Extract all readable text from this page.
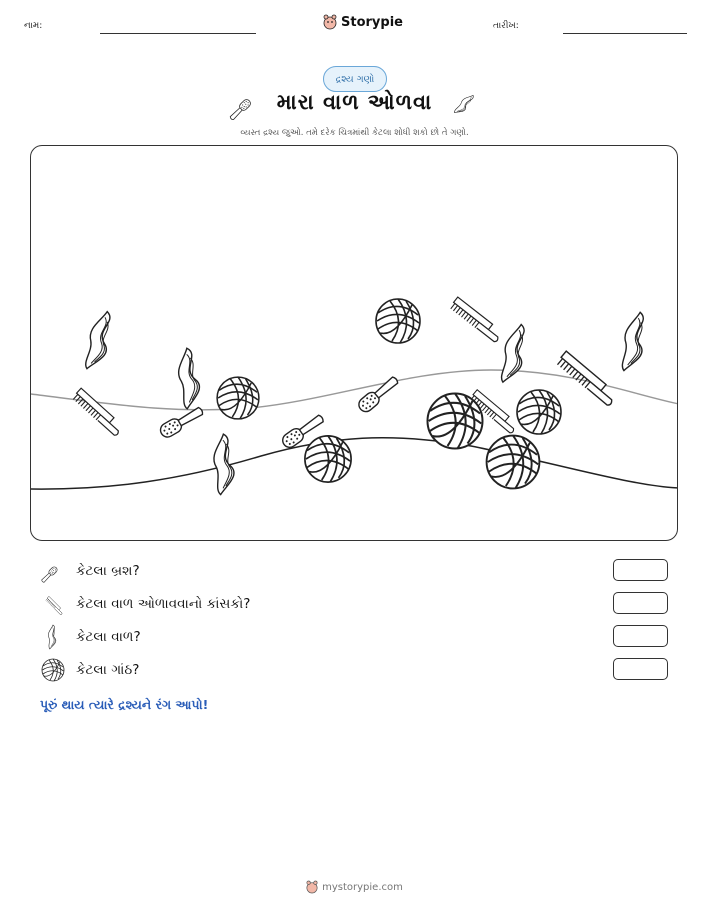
નામ:	Storypie	તારીખ:
દ્રશ્ય ગણો
મારા વાળ ઓળવા
વ્યસ્ત દ્રશ્ય જુઓ. તમે દરેક ચિત્રમાંથી કેટલા શોધી શકો છો તે ગણો.
કેટલા બ્રશ?
કેટલા વાળ ઓળાવવાનો કાંસકો?
કેટલા વાળ?
કેટલા ગાંઠ?
પૂરું થાય ત્યારે દ્રશ્યને રંગ આપો!
mystorypie.com
